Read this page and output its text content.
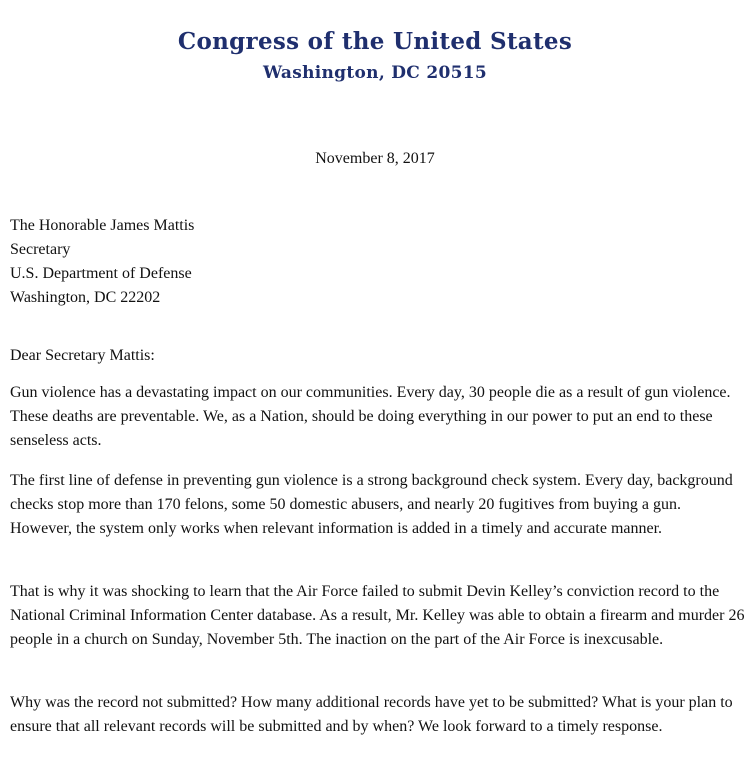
Congress of the United States
Washington, DC 20515
November 8, 2017
The Honorable James Mattis
Secretary
U.S. Department of Defense
Washington, DC 22202
Dear Secretary Mattis:

Gun violence has a devastating impact on our communities. Every day, 30 people die as a result of gun violence. These deaths are preventable. We, as a Nation, should be doing everything in our power to put an end to these senseless acts.

The first line of defense in preventing gun violence is a strong background check system. Every day, background checks stop more than 170 felons, some 50 domestic abusers, and nearly 20 fugitives from buying a gun. However, the system only works when relevant information is added in a timely and accurate manner.

That is why it was shocking to learn that the Air Force failed to submit Devin Kelley’s conviction record to the National Criminal Information Center database. As a result, Mr. Kelley was able to obtain a firearm and murder 26 people in a church on Sunday, November 5th. The inaction on the part of the Air Force is inexcusable.

Why was the record not submitted? How many additional records have yet to be submitted? What is your plan to ensure that all relevant records will be submitted and by when? We look forward to a timely response.
